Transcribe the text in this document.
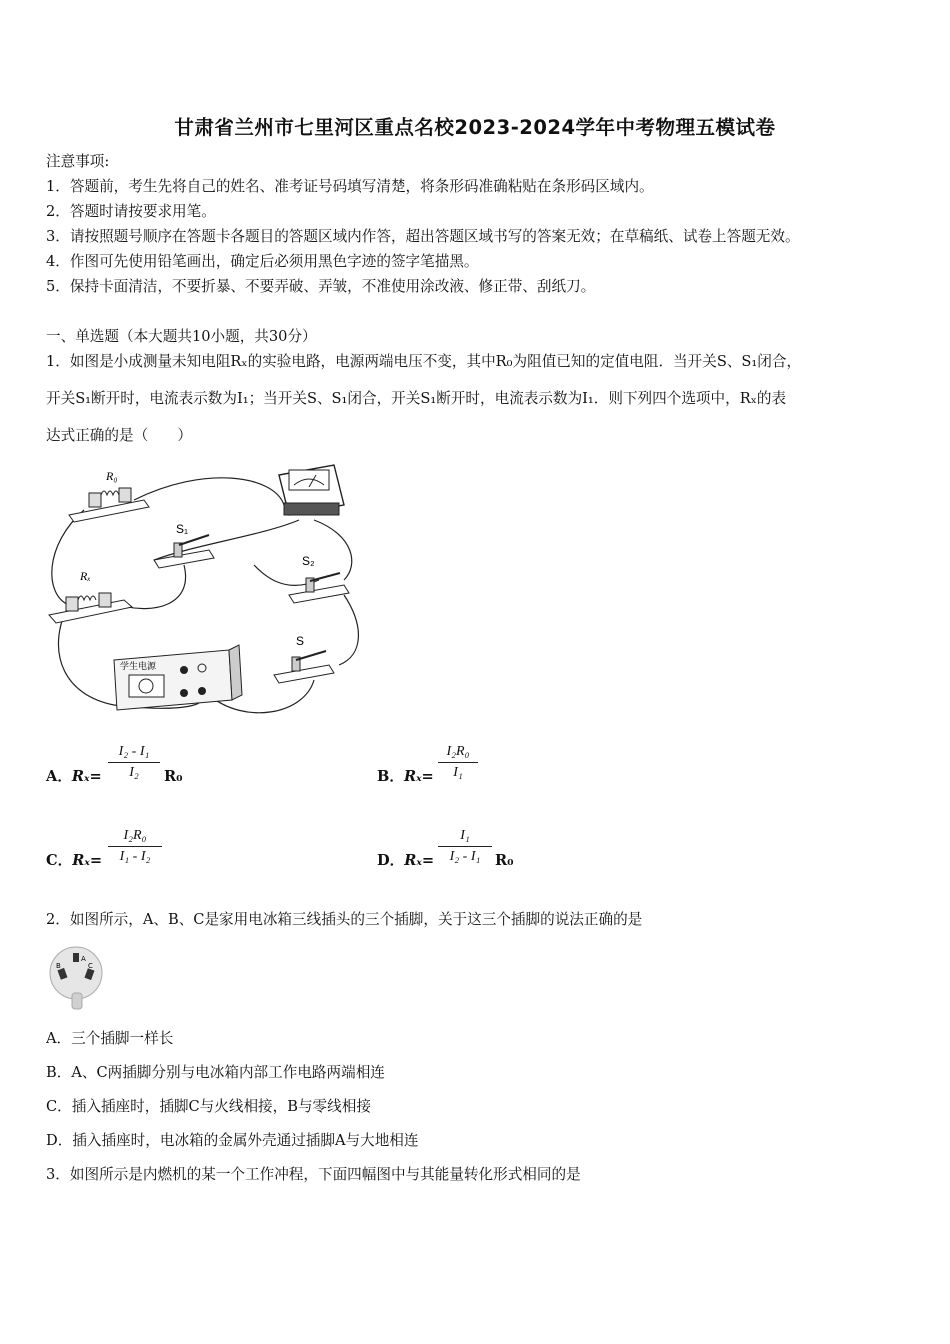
甘肃省兰州市七里河区重点名校2023-2024学年中考物理五模试卷
注意事项:
1．答题前，考生先将自己的姓名、准考证号码填写清楚，将条形码准确粘贴在条形码区域内。
2．答题时请按要求用笔。
3．请按照题号顺序在答题卡各题目的答题区域内作答，超出答题区域书写的答案无效；在草稿纸、试卷上答题无效。
4．作图可先使用铅笔画出，确定后必须用黑色字迹的签字笔描黑。
5．保持卡面清洁，不要折暴、不要弄破、弄皱，不准使用涂改液、修正带、刮纸刀。
一、单选题（本大题共10小题，共30分）
1．如图是小成测量未知电阻Rₓ的实验电路，电源两端电压不变，其中R₀为阻值已知的定值电阻．当开关S、S₁闭合，
开关S₁断开时，电流表示数为I₁；当开关S、S₁闭合，开关S₁断开时，电流表示数为I₁．则下列四个选项中，Rₓ的表
达式正确的是（　　）
R₀
S₁
Rₓ
S₂
S
学生电源
A．Rₓ=
I₂ - I₁
I₂	R₀	B．Rₓ=
I₂R₀
I₁
C．Rₓ=
I₂R₀
I₁ - I₂	D．Rₓ=
I₁
I₂ - I₁	R₀
2．如图所示，A、B、C是家用电冰箱三线插头的三个插脚，关于这三个插脚的说法正确的是
A
B	C
A．三个插脚一样长
B．A、C两插脚分别与电冰箱内部工作电路两端相连
C．插入插座时，插脚C与火线相接，B与零线相接
D．插入插座时，电冰箱的金属外壳通过插脚A与大地相连
3．如图所示是内燃机的某一个工作冲程，下面四幅图中与其能量转化形式相同的是
